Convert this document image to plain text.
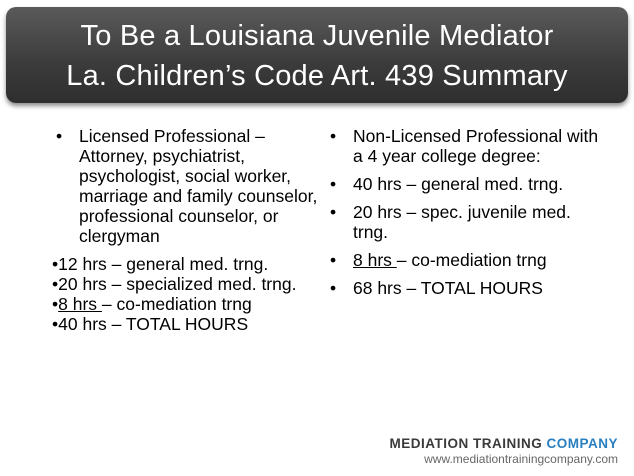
To Be a Louisiana Juvenile Mediator
La. Children’s Code Art. 439 Summary
• Licensed Professional – Attorney, psychiatrist, psychologist, social worker, marriage and family counselor, professional counselor, or clergyman
•12 hrs – general med. trng.
•20 hrs – specialized med. trng.
•8 hrs – co-mediation trng
•40 hrs – TOTAL HOURS
• Non-Licensed Professional with a 4 year college degree:
• 40 hrs – general med. trng.
• 20 hrs – spec. juvenile med. trng.
• 8 hrs – co-mediation trng
• 68 hrs – TOTAL HOURS
MEDIATION TRAINING COMPANY
www.mediationtrainingcompany.com
